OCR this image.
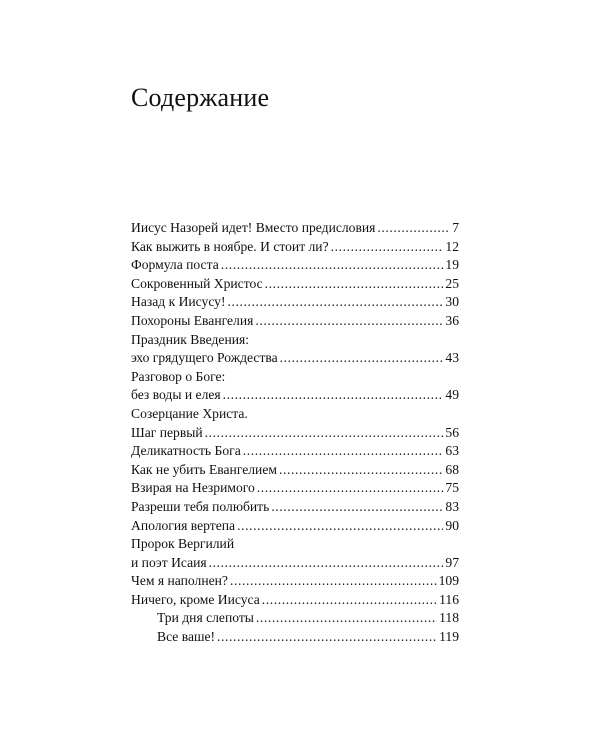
Содержание
Иисус Назорей идет! Вместо предисловия .....	7
Как выжить в ноябре. И стоит ли? .....	12
Формула поста .....	19
Сокровенный Христос .....	25
Назад к Иисусу! .....	30
Похороны Евангелия .....	36
Праздник Введения:
эхо грядущего Рождества .....	43
Разговор о Боге:
без воды и елея .....	49
Созерцание Христа.
Шаг первый .....	56
Деликатность Бога .....	63
Как не убить Евангелием .....	68
Взирая на Незримого .....	75
Разреши тебя полюбить .....	83
Апология вертепа .....	90
Пророк Вергилий
и поэт Исаия .....	97
Чем я наполнен? .....	109
Ничего, кроме Иисуса .....	116
Три дня слепоты .....	118
Все ваше! .....	119
